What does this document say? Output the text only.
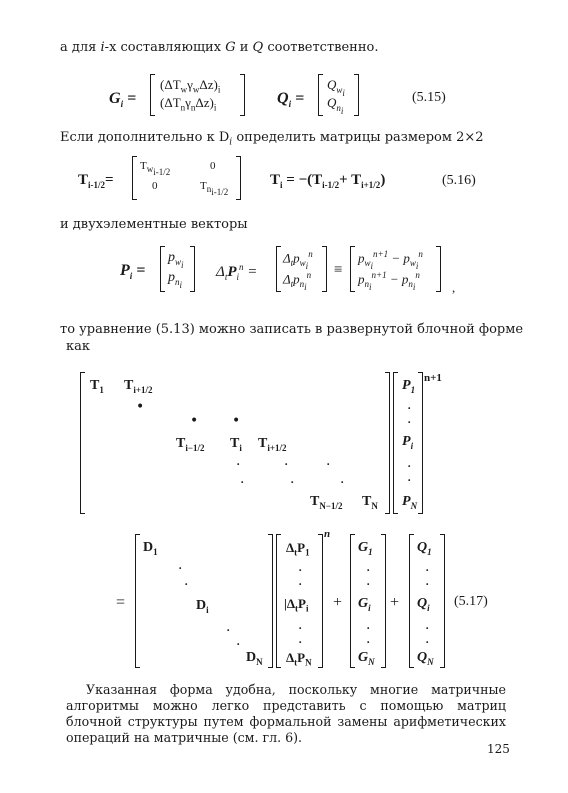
а для i-х составляющих G и Q соответственно.
$G_i$ =
$(\Delta T_w\gamma_w\Delta z)_i$
$(\Delta T_n\gamma_n\Delta z)_i$
$Q_i$ =
$Q_{w_i}$
$Q_{n_i}$
(5.15)
Если дополнительно к $D_i$ определить матрицы размером 2×2
$T_{i-1/2}=$
$T_{w_{i-1/2}}$	0
0	$T_{n_{i-1/2}}$
$T_i = -(T_{i-1/2}+ T_{i+1/2})$	(5.16)
и двухэлементные векторы
$P_i$ =
$p_{w_i}$
$p_{n_i}$
$\Delta_tP_i^n$ =
$\Delta_tp_{w_i}^n$
$\Delta_tp_{n_i}^n$ ≡
$p_{w_i}^{n+1} - p_{w_i}^n$
$p_{n_i}^{n+1} - p_{n_i}^n$
,
то уравнение (5.13) можно записать в развернутой блочной форме
как
$T_1$ $T_{i+1/2}$
•
• •
$T_{i-1/2}$ $T_i$ $T_{i+1/2}$
·	·	·
·	·	·
$T_{N-1/2}$ $T_N$
$P_1$
·
·
$P_i$
·
·
$P_N$
n+1
=
$D_1$
·
·
$D_i$
·
·
$D_N$
$\Delta_tP_1$
·
·
$|\Delta_tP_i$
·
·
$\Delta_tP_N$
n
+
$G_1$
·
·
$G_i$
·
·
$G_N$
+
$Q_1$
·
·
$Q_i$
·
·
$Q_N$
(5.17)
Указанная форма удобна, поскольку многие матричные алгоритмы можно легко представить с помощью матриц блочной структуры путем формальной замены арифметических операций на матричные (см. гл. 6).
125
